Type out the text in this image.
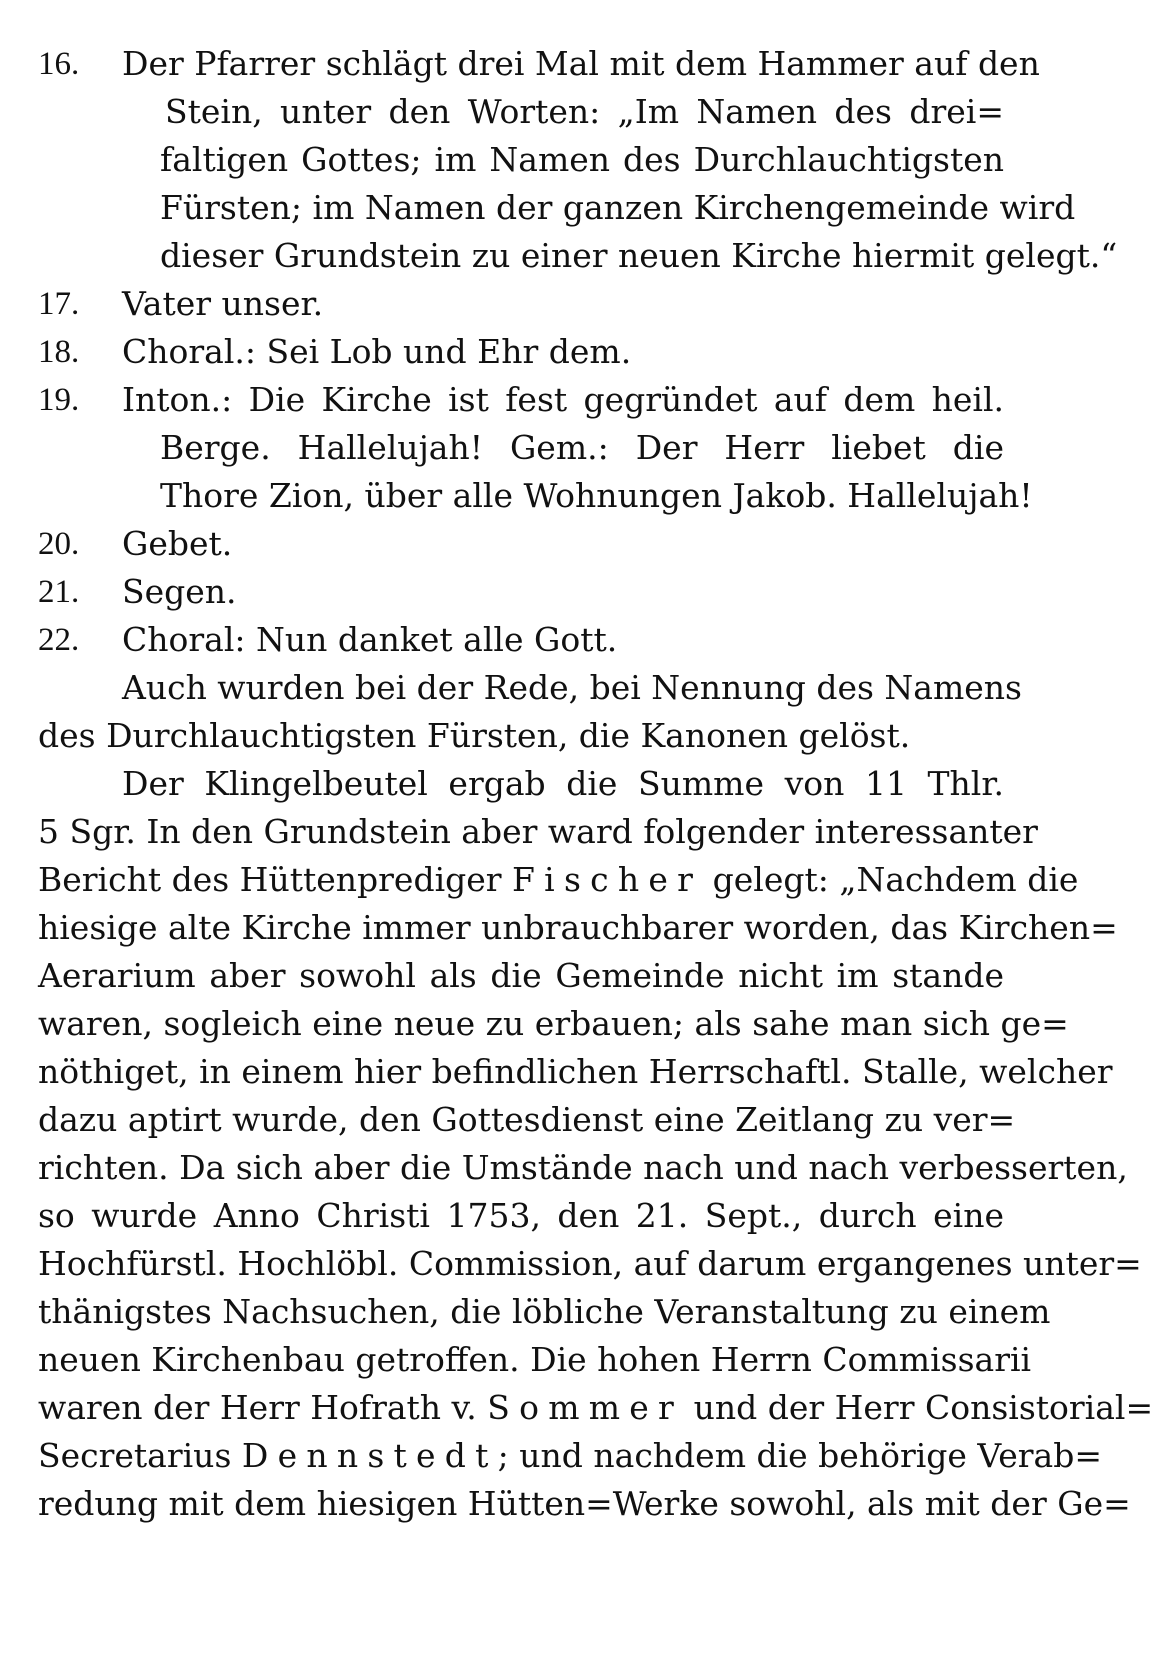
16. Der Pfarrer schlägt drei Mal mit dem Hammer auf den
Stein, unter den Worten: „Im Namen des drei=
faltigen Gottes; im Namen des Durchlauchtigsten
Fürsten; im Namen der ganzen Kirchengemeinde wird
dieser Grundstein zu einer neuen Kirche hiermit gelegt.“
17. Vater unser.
18. Choral.: Sei Lob und Ehr dem.
19. Inton.: Die Kirche ist fest gegründet auf dem heil.
Berge. Hallelujah! Gem.: Der Herr liebet die
Thore Zion, über alle Wohnungen Jakob. Hallelujah!
20. Gebet.
21. Segen.
22. Choral: Nun danket alle Gott.
Auch wurden bei der Rede, bei Nennung des Namens
des Durchlauchtigsten Fürsten, die Kanonen gelöst.
Der Klingelbeutel ergab die Summe von 11 Thlr.
5 Sgr. In den Grundstein aber ward folgender interessanter
Bericht des Hüttenprediger Fischer gelegt: „Nachdem die
hiesige alte Kirche immer unbrauchbarer worden, das Kirchen=
Aerarium aber sowohl als die Gemeinde nicht im stande
waren, sogleich eine neue zu erbauen; als sahe man sich ge=
nöthiget, in einem hier befindlichen Herrschaftl. Stalle, welcher
dazu aptirt wurde, den Gottesdienst eine Zeitlang zu ver=
richten. Da sich aber die Umstände nach und nach verbesserten,
so wurde Anno Christi 1753, den 21. Sept., durch eine
Hochfürstl. Hochlöbl. Commission, auf darum ergangenes unter=
thänigstes Nachsuchen, die löbliche Veranstaltung zu einem
neuen Kirchenbau getroffen. Die hohen Herrn Commissarii
waren der Herr Hofrath v. Sommer und der Herr Consistorial=
Secretarius Dennstedt; und nachdem die behörige Verab=
redung mit dem hiesigen Hütten=Werke sowohl, als mit der Ge=
